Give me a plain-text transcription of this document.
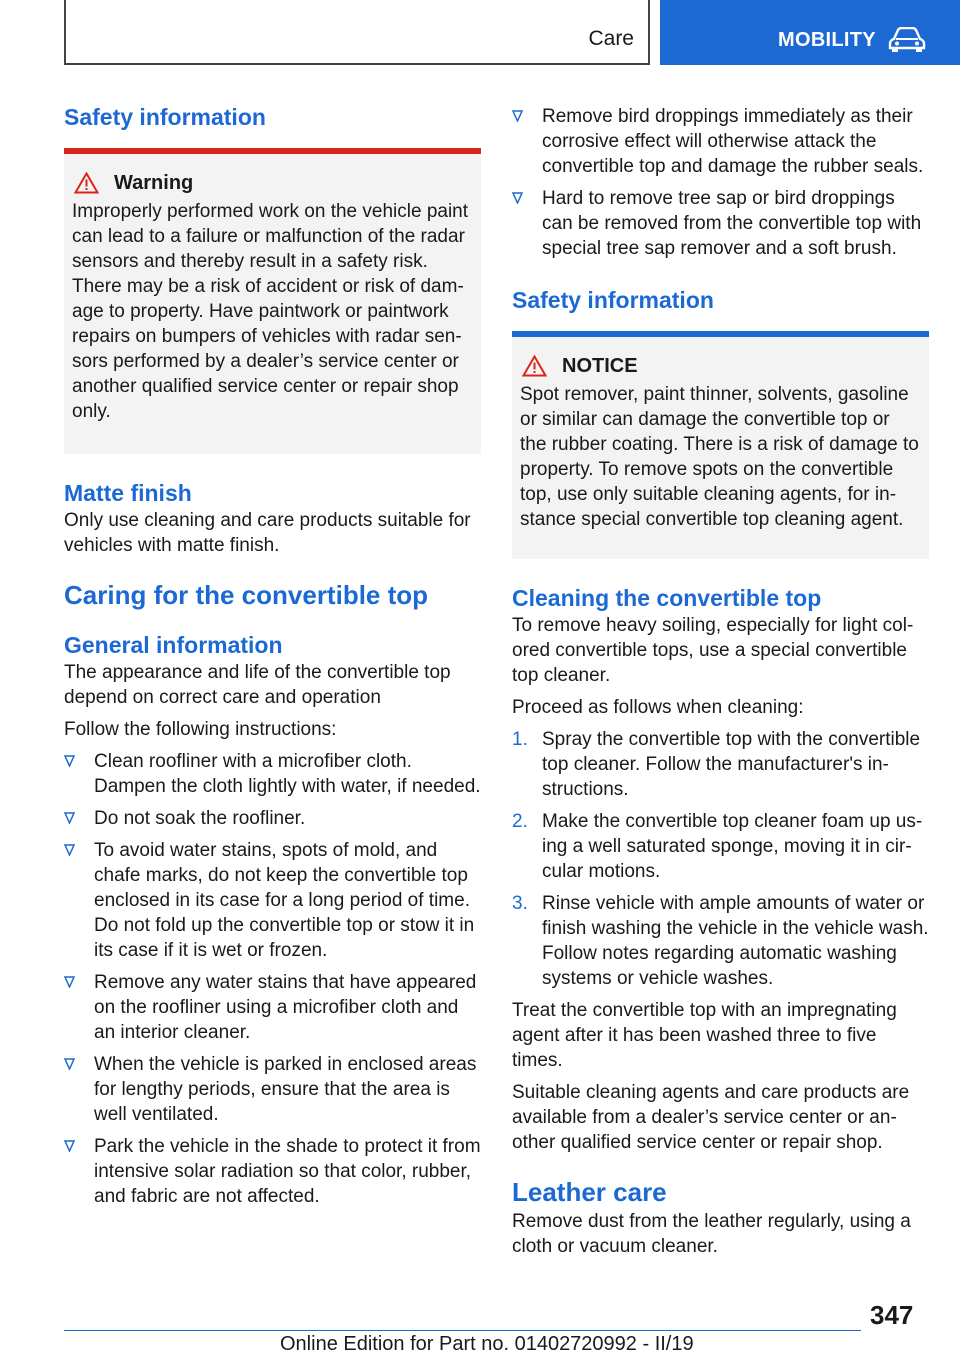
Care	MOBILITY
Safety information
Warning

Improperly performed work on the vehicle paint can lead to a failure or malfunction of the radar sensors and thereby result in a safety risk. There may be a risk of accident or risk of damage to property. Have paintwork or paintwork repairs on bumpers of vehicles with radar sensors performed by a dealer’s service center or another qualified service center or repair shop only.

Matte finish

Only use cleaning and care products suitable for vehicles with matte finish.

Caring for the convertible top
General information

The appearance and life of the convertible top depend on correct care and operation

Follow the following instructions:

Clean roofliner with a microfiber cloth. Dampen the cloth lightly with water, if needed.
Do not soak the roofliner.
To avoid water stains, spots of mold, and chafe marks, do not keep the convertible top enclosed in its case for a long period of time. Do not fold up the convertible top or stow it in its case if it is wet or frozen.
Remove any water stains that have appeared on the roofliner using a microfiber cloth and an interior cleaner.
When the vehicle is parked in enclosed areas for lengthy periods, ensure that the area is well ventilated.
Park the vehicle in the shade to protect it from intensive solar radiation so that color, rubber, and fabric are not affected.
Remove bird droppings immediately as their corrosive effect will otherwise attack the convertible top and damage the rubber seals.
Hard to remove tree sap or bird droppings can be removed from the convertible top with special tree sap remover and a soft brush.
Safety information
NOTICE

Spot remover, paint thinner, solvents, gasoline or similar can damage the convertible top or the rubber coating. There is a risk of damage to property. To remove spots on the convertible top, use only suitable cleaning agents, for instance special convertible top cleaning agent.

Cleaning the convertible top

To remove heavy soiling, especially for light colored convertible tops, use a special convertible top cleaner.

Proceed as follows when cleaning:

1. Spray the convertible top with the convertible top cleaner. Follow the manufacturer's instructions.
2. Make the convertible top cleaner foam up using a well saturated sponge, moving it in circular motions.
3. Rinse vehicle with ample amounts of water or finish washing the vehicle in the vehicle wash. Follow notes regarding automatic washing systems or vehicle washes.

Treat the convertible top with an impregnating agent after it has been washed three to five times.

Suitable cleaning agents and care products are available from a dealer’s service center or another qualified service center or repair shop.

Leather care

Remove dust from the leather regularly, using a cloth or vacuum cleaner.

347
Online Edition for Part no. 01402720992 - II/19
